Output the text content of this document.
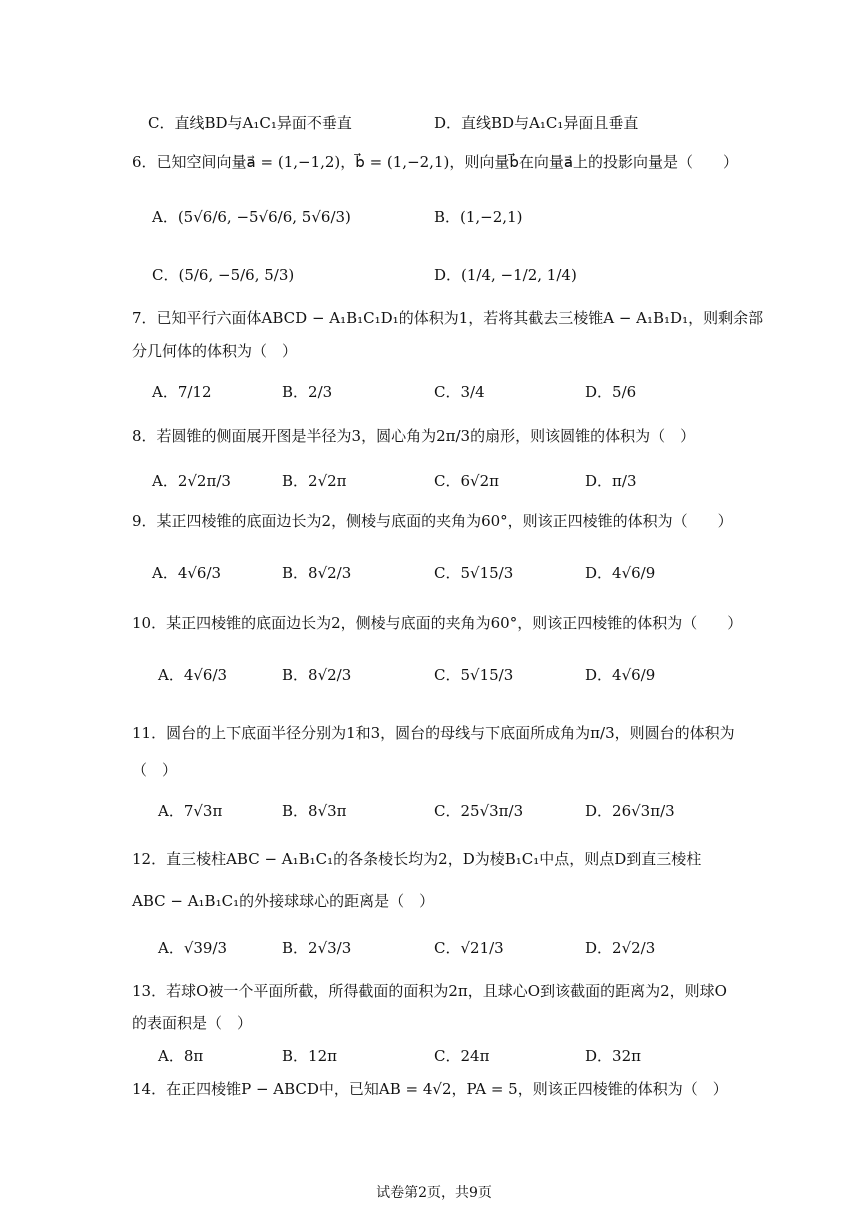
C．直线BD与A₁C₁异面不垂直	D．直线BD与A₁C₁异面且垂直
6．已知空间向量a⃗ = (1,−1,2)，b⃗ = (1,−2,1)，则向量b⃗在向量a⃗上的投影向量是（　　）
A．(5√6/6, −5√6/6, 5√6/3)	B．(1,−2,1)
C．(5/6, −5/6, 5/3)	D．(1/4, −1/2, 1/4)
7．已知平行六面体ABCD − A₁B₁C₁D₁的体积为1，若将其截去三棱锥A − A₁B₁D₁，则剩余部
分几何体的体积为（　）
A．7/12	B．2/3	C．3/4	D．5/6
8．若圆锥的侧面展开图是半径为3，圆心角为2π/3的扇形，则该圆锥的体积为（　）
A．2√2π/3	B．2√2π	C．6√2π	D．π/3
9．某正四棱锥的底面边长为2，侧棱与底面的夹角为60°，则该正四棱锥的体积为（　　）
A．4√6/3	B．8√2/3	C．5√15/3	D．4√6/9
10．某正四棱锥的底面边长为2，侧棱与底面的夹角为60°，则该正四棱锥的体积为（　　）
A．4√6/3	B．8√2/3	C．5√15/3	D．4√6/9
11．圆台的上下底面半径分别为1和3，圆台的母线与下底面所成角为π/3，则圆台的体积为
（　）
A．7√3π	B．8√3π	C．25√3π/3	D．26√3π/3
12．直三棱柱ABC − A₁B₁C₁的各条棱长均为2，D为棱B₁C₁中点，则点D到直三棱柱
ABC − A₁B₁C₁的外接球球心的距离是（　）
A．√39/3	B．2√3/3	C．√21/3	D．2√2/3
13．若球O被一个平面所截，所得截面的面积为2π，且球心O到该截面的距离为2，则球O
的表面积是（　）
A．8π	B．12π	C．24π	D．32π
14．在正四棱锥P − ABCD中，已知AB = 4√2，PA = 5，则该正四棱锥的体积为（　）
试卷第2页，共9页
